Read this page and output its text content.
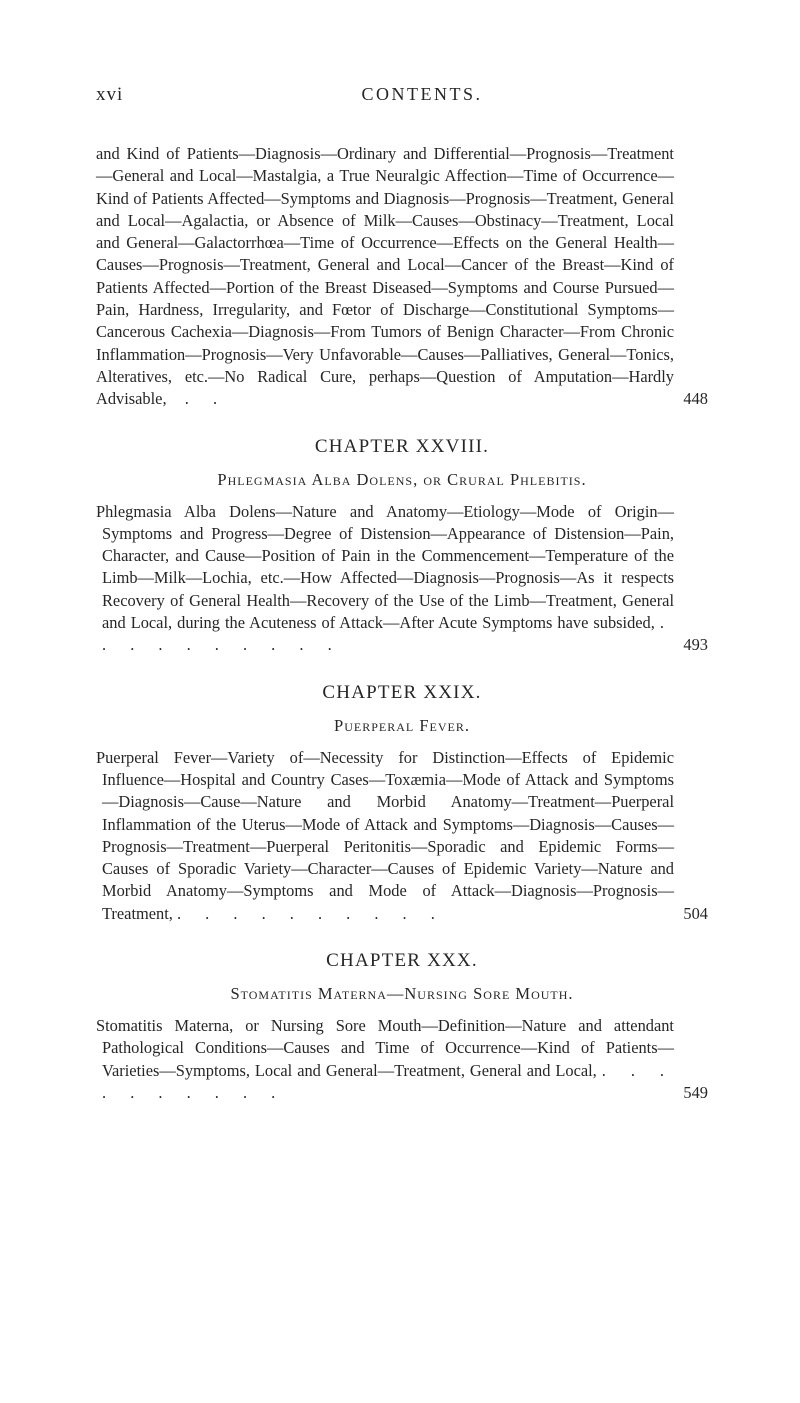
xvi	CONTENTS.
and Kind of Patients—Diagnosis—Ordinary and Differential—Prognosis—Treatment—General and Local—Mastalgia, a True Neuralgic Affection—Time of Occurrence—Kind of Patients Affected—Symptoms and Diagnosis—Prognosis—Treatment, General and Local—Agalactia, or Absence of Milk—Causes—Obstinacy—Treatment, Local and General—Galactorrhœa—Time of Occurrence—Effects on the General Health—Causes—Prognosis—Treatment, General and Local—Cancer of the Breast—Kind of Patients Affected—Portion of the Breast Diseased—Symptoms and Course Pursued—Pain, Hardness, Irregularity, and Fœtor of Discharge—Constitutional Symptoms—Cancerous Cachexia—Diagnosis—From Tumors of Benign Character—From Chronic Inflammation—Prognosis—Very Unfavorable—Causes—Palliatives, General—Tonics, Alteratives, etc.—No Radical Cure, perhaps—Question of Amputation—Hardly Advisable,  . .	448
CHAPTER XXVIII.
Phlegmasia Alba Dolens, or Crural Phlebitis.
Phlegmasia Alba Dolens—Nature and Anatomy—Etiology—Mode of Origin—Symptoms and Progress—Degree of Distension—Appearance of Distension—Pain, Character, and Cause—Position of Pain in the Commencement—Temperature of the Limb—Milk—Lochia, etc.—How Affected—Diagnosis—Prognosis—As it respects Recovery of General Health—Recovery of the Use of the Limb—Treatment, General and Local, during the Acuteness of Attack—After Acute Symptoms have subsided, . . . . . . . . . .	493
CHAPTER XXIX.
Puerperal Fever.
Puerperal Fever—Variety of—Necessity for Distinction—Effects of Epidemic Influence—Hospital and Country Cases—Toxæmia—Mode of Attack and Symptoms—Diagnosis—Cause—Nature and Morbid Anatomy—Treatment—Puerperal Inflammation of the Uterus—Mode of Attack and Symptoms—Diagnosis—Causes—Prognosis—Treatment—Puerperal Peritonitis—Sporadic and Epidemic Forms—Causes of Sporadic Variety—Character—Causes of Epidemic Variety—Nature and Morbid Anatomy—Symptoms and Mode of Attack—Diagnosis—Prognosis—Treatment, . . . . . . . . . .	504
CHAPTER XXX.
Stomatitis Materna—Nursing Sore Mouth.
Stomatitis Materna, or Nursing Sore Mouth—Definition—Nature and attendant Pathological Conditions—Causes and Time of Occurrence—Kind of Patients—Varieties—Symptoms, Local and General—Treatment, General and Local, . . . . . . . . . .	549
